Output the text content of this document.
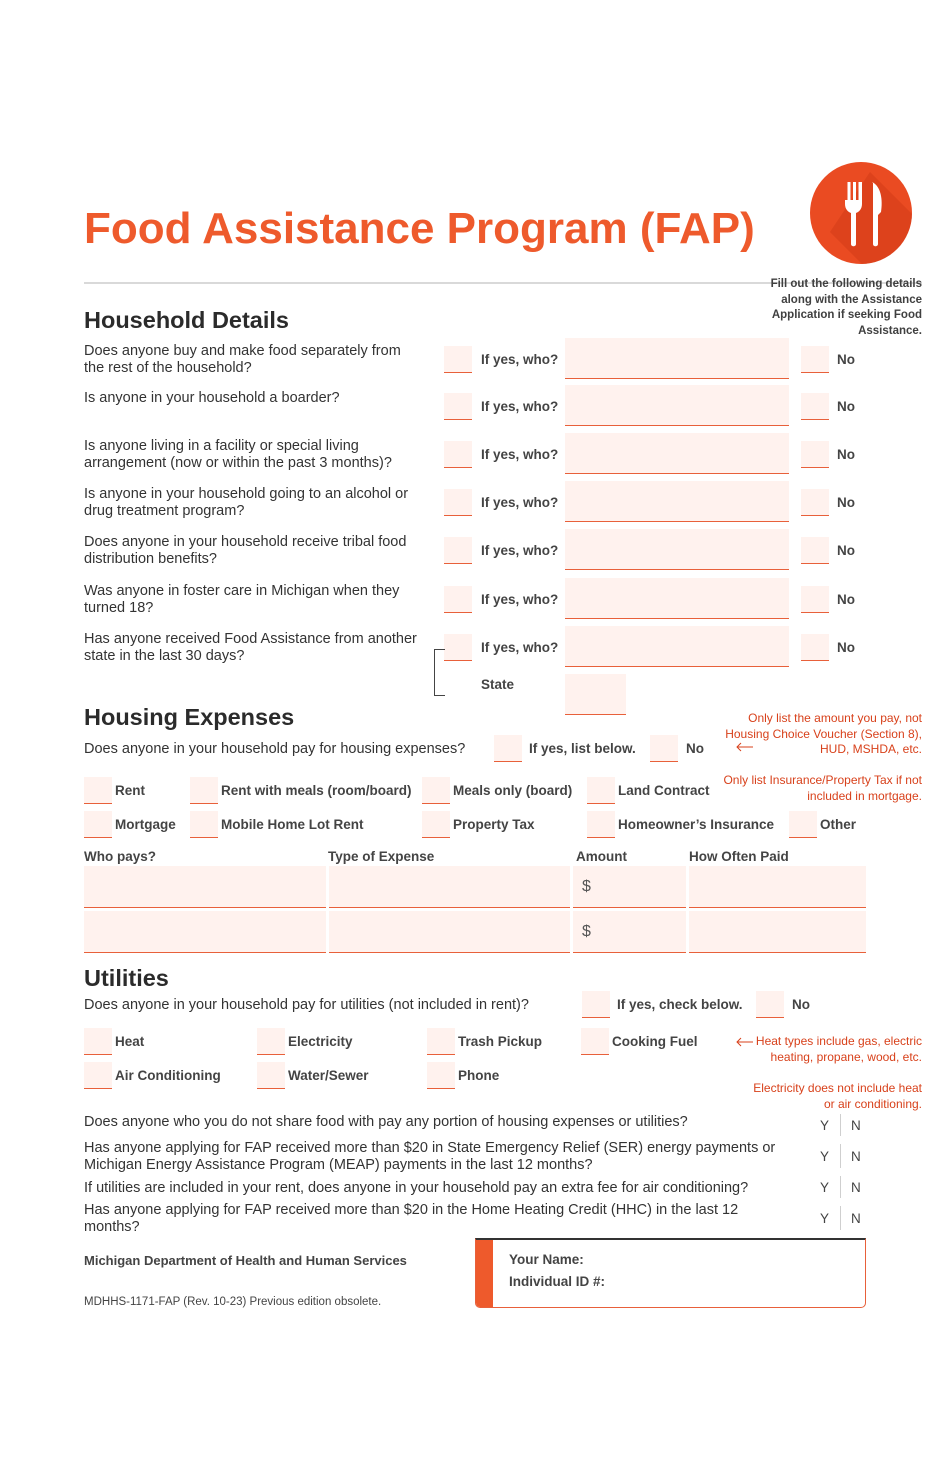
Food Assistance Program (FAP)
Fill out the following details along with the Assistance Application if seeking Food Assistance.
Household Details
Does anyone buy and make food separately from the rest of the household?
If yes, who?	No
Is anyone in your household a boarder?
If yes, who?	No
Is anyone living in a facility or special living arrangement (now or within the past 3 months)?
If yes, who?	No
Is anyone in your household going to an alcohol or drug treatment program?
If yes, who?	No
Does anyone in your household receive tribal food distribution benefits?
If yes, who?	No
Was anyone in foster care in Michigan when they turned 18?
If yes, who?	No
Has anyone received Food Assistance from another state in the last 30 days?
If yes, who?	No
State
Housing Expenses	Only list the amount you pay, not Housing Choice Voucher (Section 8), HUD, MSHDA, etc.
Does anyone in your household pay for housing expenses?	If yes, list below.	No
Only list Insurance/Property Tax if not included in mortgage.
Rent	Rent with meals (room/board)	Meals only (board)	Land Contract
Mortgage	Mobile Home Lot Rent	Property Tax	Homeowner’s Insurance	Other
Who pays?	Type of Expense	Amount	How Often Paid
$
$
Utilities
Does anyone in your household pay for utilities (not included in rent)?	If yes, check below.	No
Heat	Electricity	Trash Pickup	Cooking Fuel	Heat types include gas, electric heating, propane, wood, etc.
Air Conditioning	Water/Sewer	Phone
Electricity does not include heat or air conditioning.
Does anyone who you do not share food with pay any portion of housing expenses or utilities?	Y N
Has anyone applying for FAP received more than $20 in State Emergency Relief (SER) energy payments or Michigan Energy Assistance Program (MEAP) payments in the last 12 months?
Y N
If utilities are included in your rent, does anyone in your household pay an extra fee for air conditioning?	Y N
Has anyone applying for FAP received more than $20 in the Home Heating Credit (HHC) in the last 12 months?
Y N
Michigan Department of Health and Human Services
MDHHS-1171-FAP (Rev. 10-23) Previous edition obsolete.
Your Name:
Individual ID #:
